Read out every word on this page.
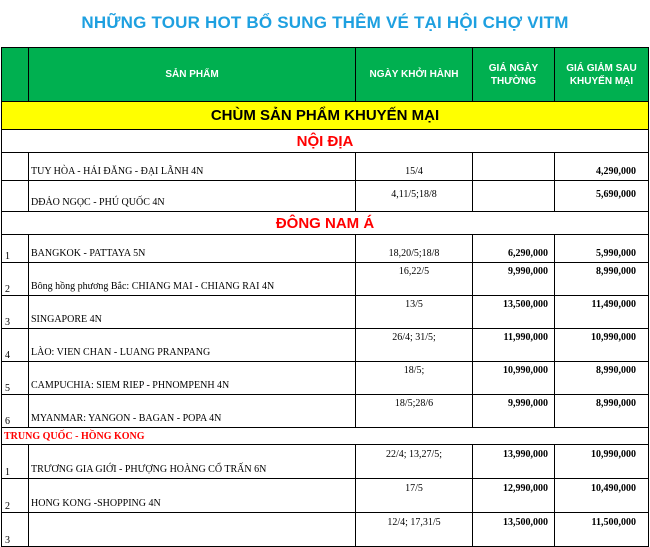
NHỮNG TOUR HOT BỔ SUNG THÊM VÉ TẠI HỘI CHỢ VITM
	SẢN PHẨM	NGÀY KHỞI HÀNH	GIÁ NGÀY THƯỜNG	GIÁ GIẢM SAU KHUYẾN MẠI
CHÙM SẢN PHẨM KHUYẾN MẠI				
NỘI ĐỊA				
	TUY HÒA - HẢI ĐĂNG - ĐẠI LÃNH 4N	15/4		4,290,000
	DĐẢO NGỌC - PHÚ QUỐC 4N	4,11/5;18/8		5,690,000
ĐÔNG NAM Á				
1	BANGKOK - PATTAYA 5N	18,20/5;18/8	6,290,000	5,990,000
2	Bông hồng phương Bắc: CHIANG MAI - CHIANG RAI 4N	16,22/5	9,990,000	8,990,000
3	SINGAPORE 4N	13/5	13,500,000	11,490,000
4	LÀO: VIEN CHAN - LUANG PRANPANG	26/4; 31/5;	11,990,000	10,990,000
5	CAMPUCHIA: SIEM RIEP - PHNOMPENH 4N	18/5;	10,990,000	8,990,000
6	MYANMAR: YANGON - BAGAN - POPA 4N	18/5;28/6	9,990,000	8,990,000
TRUNG QUỐC - HỒNG KONG				
1	TRƯƠNG GIA GIỚI - PHƯỢNG HOÀNG CỔ TRẤN 6N	22/4; 13,27/5;	13,990,000	10,990,000
2	HONG KONG -SHOPPING 4N	17/5	12,990,000	10,490,000
3		12/4; 17,31/5	13,500,000	11,500,000
